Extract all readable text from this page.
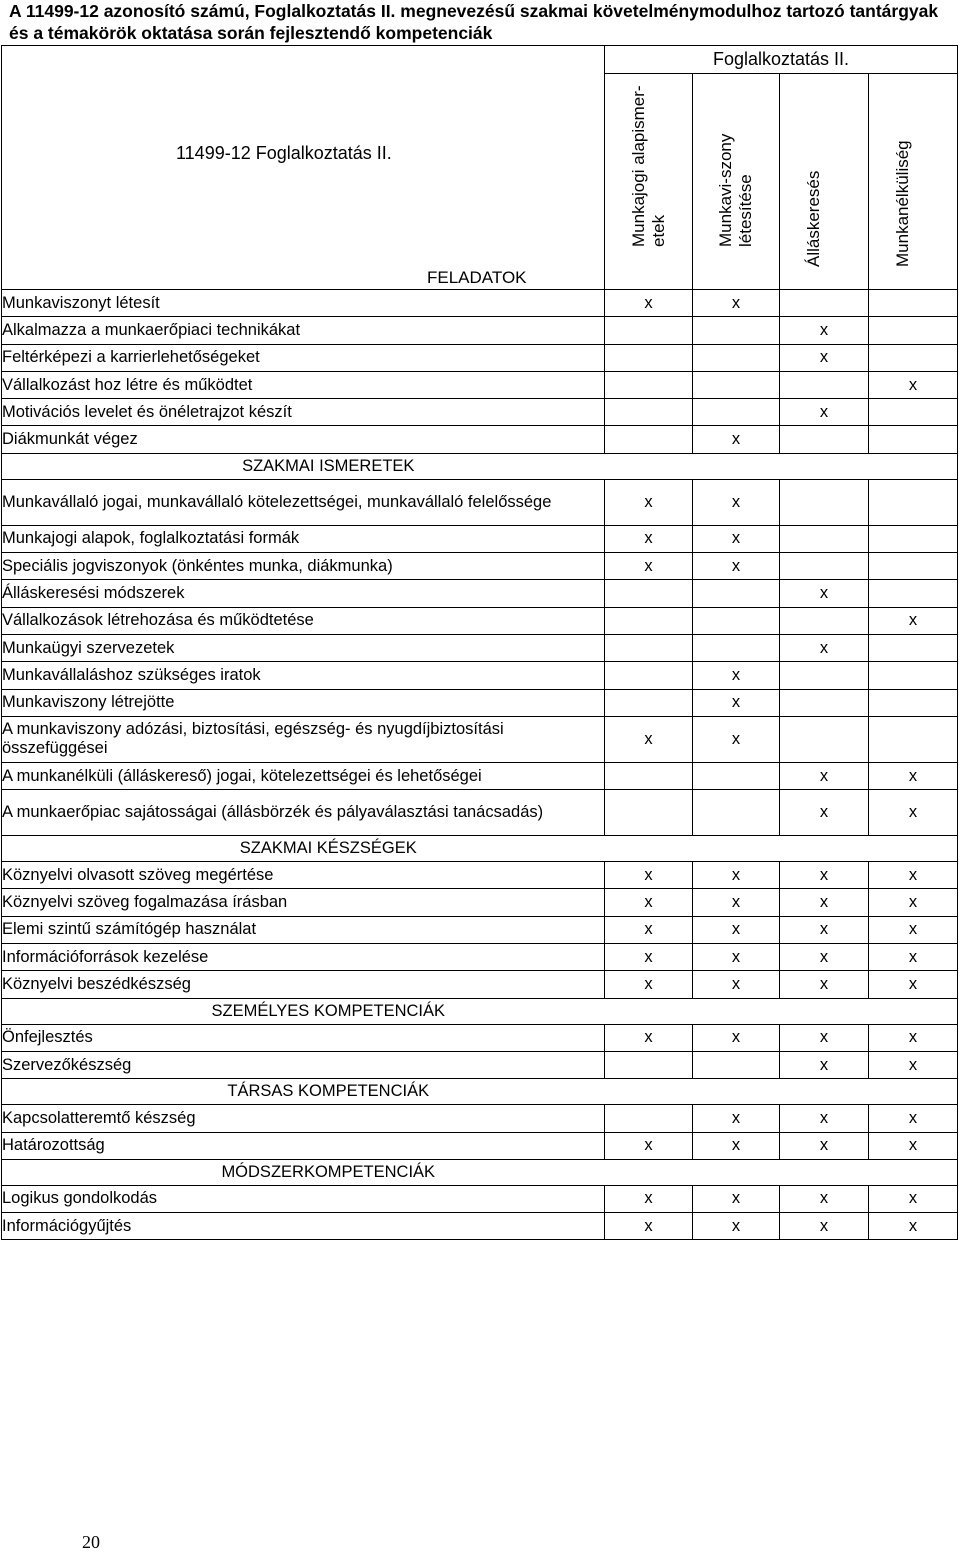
A 11499-12 azonosító számú, Foglalkoztatás II. megnevezésű szakmai követelménymodulhoz tartozó tantárgyak és a témakörök oktatása során fejlesztendő kompetenciák
11499-12 Foglalkoztatás II.
FELADATOK	Foglalkoztatás II.			

	Munkajogi alapismer-etek	Munkavi-szony létesítése	Álláskeresés	Munkanélküliség

Munkaviszonyt létesít	x	x		
Alkalmazza a munkaerőpiaci technikákat			x	
Feltérképezi a karrierlehetőségeket			x	
Vállalkozást hoz létre és működtet				x
Motivációs levelet és önéletrajzot készít			x	
Diákmunkát végez		x		
SZAKMAI ISMERETEK				
Munkavállaló jogai, munkavállaló kötelezettségei, munkavállaló felelőssége	x	x		
Munkajogi alapok, foglalkoztatási formák	x	x		
Speciális jogviszonyok (önkéntes munka, diákmunka)	x	x		
Álláskeresési módszerek			x	
Vállalkozások létrehozása és működtetése				x
Munkaügyi szervezetek			x	
Munkavállaláshoz szükséges iratok		x		
Munkaviszony létrejötte		x		
A munkaviszony adózási, biztosítási, egészség- és nyugdíjbiztosítási összefüggései	x	x		
A munkanélküli (álláskereső) jogai, kötelezettségei és lehetőségei			x	x
A munkaerőpiac sajátosságai (állásbörzék és pályaválasztási tanácsadás)			x	x
SZAKMAI KÉSZSÉGEK				
Köznyelvi olvasott szöveg megértése	x	x	x	x
Köznyelvi szöveg fogalmazása írásban	x	x	x	x
Elemi szintű számítógép használat	x	x	x	x
Információforrások kezelése	x	x	x	x
Köznyelvi beszédkészség	x	x	x	x
SZEMÉLYES KOMPETENCIÁK				
Önfejlesztés	x	x	x	x
Szervezőkészség			x	x
TÁRSAS KOMPETENCIÁK				
Kapcsolatteremtő készség		x	x	x
Határozottság	x	x	x	x
MÓDSZERKOMPETENCIÁK				
Logikus gondolkodás	x	x	x	x
Információgyűjtés	x	x	x	x
20
